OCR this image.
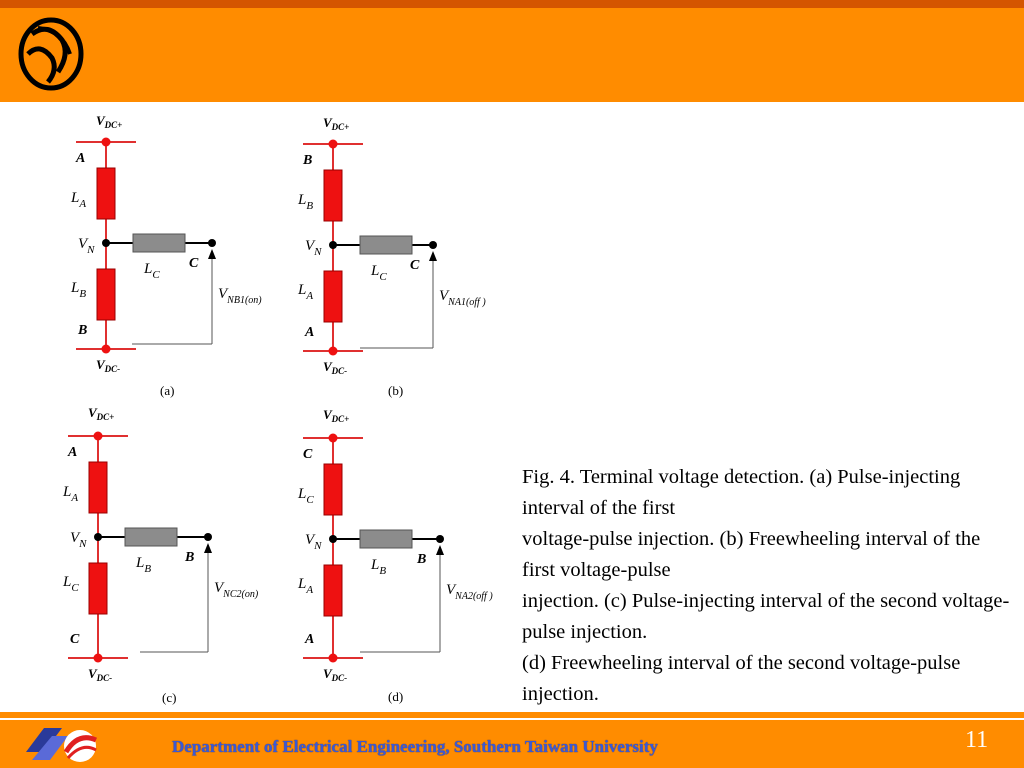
$V_{DC+}$
A
$L_A$
$V_N$
$L_C$
C
$L_B$
B
$V_{DC-}$
$V_{NB1(on)}$
(a)
$V_{DC+}$
B
$L_B$
$V_N$
$L_C$
C
$L_A$
A
$V_{DC-}$
$V_{NA1(off )}$
(b)
$V_{DC+}$
A
$L_A$
$V_N$
$L_B$
B
$L_C$
C
$V_{DC-}$
$V_{NC2(on)}$
(c)
$V_{DC+}$
C
$L_C$
$V_N$
$L_B$
B
$L_A$
A
$V_{DC-}$
$V_{NA2(off )}$
(d)
Fig. 4. Terminal voltage detection. (a) Pulse-injecting interval of the first
voltage-pulse injection. (b) Freewheeling interval of the first voltage-pulse
injection. (c) Pulse-injecting interval of the second voltage-pulse injection.
(d) Freewheeling interval of the second voltage-pulse injection.
Department of Electrical Engineering, Southern Taiwan University	11
